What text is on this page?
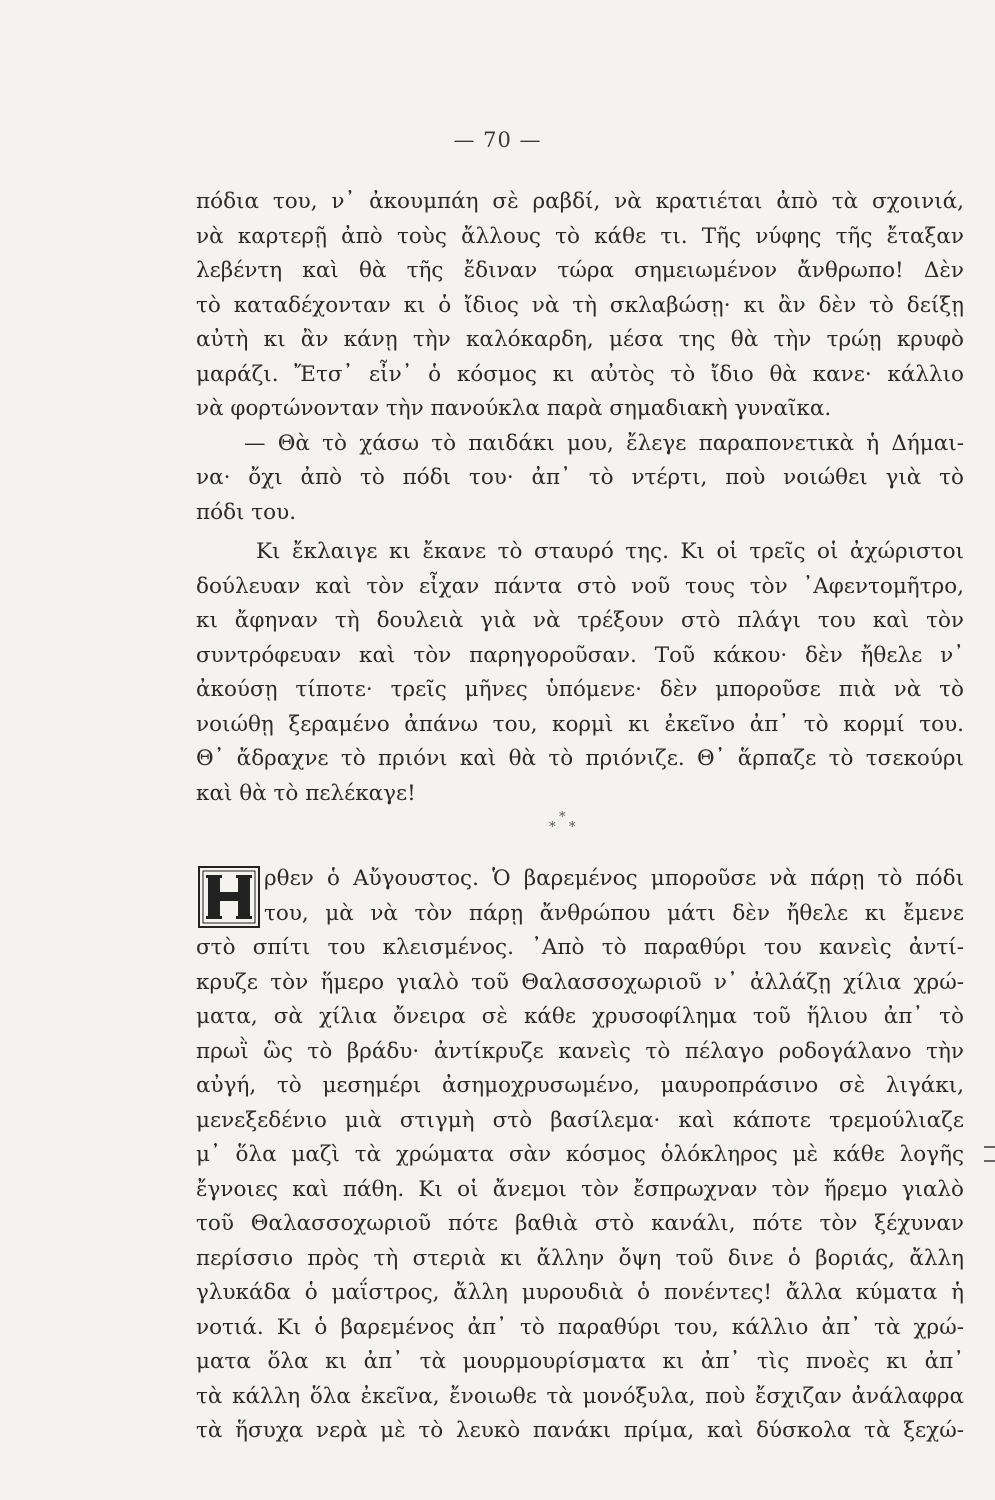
— 70 —
πόδια του, ν᾿ ἀκουμπάη σὲ ραβδί, νὰ κρατιέται ἀπὸ τὰ σχοινιά,
νὰ καρτερῇ ἀπὸ τοὺς ἄλλους τὸ κάθε τι. Τῆς νύφης τῆς ἔταξαν
λεβέντη καὶ θὰ τῆς ἔδιναν τώρα σημειωμένον ἄνθρωπο! Δὲν
τὸ καταδέχονταν κι ὁ ἴδιος νὰ τὴ σκλαβώσῃ· κι ἂν δὲν τὸ δείξῃ
αὐτὴ κι ἂν κάνῃ τὴν καλόκαρδη, μέσα της θὰ τὴν τρώῃ κρυφὸ
μαράζι. Ἔτσ᾿ εἶν᾿ ὁ κόσμος κι αὐτὸς τὸ ἴδιο θὰ κανε· κάλλιο
νὰ φορτώνονταν τὴν πανούκλα παρὰ σημαδιακὴ γυναῖκα.
— Θὰ τὸ χάσω τὸ παιδάκι μου, ἔλεγε παραπονετικὰ ἡ Δήμαι-
να· ὄχι ἀπὸ τὸ πόδι του· ἀπ᾿ τὸ ντέρτι, ποὺ νοιώθει γιὰ τὸ
πόδι του.
Κι ἔκλαιγε κι ἔκανε τὸ σταυρό της. Κι οἱ τρεῖς οἱ ἀχώριστοι
δούλευαν καὶ τὸν εἶχαν πάντα στὸ νοῦ τους τὸν ᾿Αφεντομῆτρο,
κι ἄφηναν τὴ δουλειὰ γιὰ νὰ τρέξουν στὸ πλάγι του καὶ τὸν
συντρόφευαν καὶ τὸν παρηγοροῦσαν. Τοῦ κάκου· δὲν ἤθελε ν᾿
ἀκούσῃ τίποτε· τρεῖς μῆνες ὑπόμενε· δὲν μποροῦσε πιὰ νὰ τὸ
νοιώθῃ ξεραμένο ἀπάνω του, κορμὶ κι ἐκεῖνο ἀπ᾿ τὸ κορμί του.
Θ᾿ ἄδραχνε τὸ πριόνι καὶ θὰ τὸ πριόνιζε. Θ᾿ ἅρπαζε τὸ τσεκούρι
καὶ θὰ τὸ πελέκαγε!
*
* *
ρθεν ὁ Αὔγουστος. Ὁ βαρεμένος μποροῦσε νὰ πάρῃ τὸ πόδι
του, μὰ νὰ τὸν πάρῃ ἄνθρώπου μάτι δὲν ἤθελε κι ἔμενε
στὸ σπίτι του κλεισμένος. ᾿Απὸ τὸ παραθύρι του κανεὶς ἀντί-
κρυζε τὸν ἥμερο γιαλὸ τοῦ Θαλασσοχωριοῦ ν᾿ ἀλλάζῃ χίλια χρώ-
ματα, σὰ χίλια ὄνειρα σὲ κάθε χρυσοφίλημα τοῦ ἥλιου ἀπ᾿ τὸ
πρωῒ ὣς τὸ βράδυ· ἀντίκρυζε κανεὶς τὸ πέλαγο ροδογάλανο τὴν
αὐγή, τὸ μεσημέρι ἀσημοχρυσωμένο, μαυροπράσινο σὲ λιγάκι,
μενεξεδένιο μιὰ στιγμὴ στὸ βασίλεμα· καὶ κάποτε τρεμούλιαζε
μ᾿ ὅλα μαζὶ τὰ χρώματα σὰν κόσμος ὁλόκληρος μὲ κάθε λογῆς
ἔγνοιες καὶ πάθη. Κι οἱ ἄνεμοι τὸν ἔσπρωχναν τὸν ἥρεμο γιαλὸ
τοῦ Θαλασσοχωριοῦ πότε βαθιὰ στὸ κανάλι, πότε τὸν ξέχυναν
περίσσιο πρὸς τὴ στεριὰ κι ἄλλην ὄψη τοῦ δινε ὁ βοριάς, ἄλλη
γλυκάδα ὁ μαΐστρος, ἄλλη μυρουδιὰ ὁ πονέντες! ἄλλα κύματα ἡ
νοτιά. Κι ὁ βαρεμένος ἀπ᾿ τὸ παραθύρι του, κάλλιο ἀπ᾿ τὰ χρώ-
ματα ὅλα κι ἀπ᾿ τὰ μουρμουρίσματα κι ἀπ᾿ τὶς πνοὲς κι ἀπ᾿
τὰ κάλλη ὅλα ἐκεῖνα, ἔνοιωθε τὰ μονόξυλα, ποὺ ἔσχιζαν ἀνάλαφρα
τὰ ἥσυχα νερὰ μὲ τὸ λευκὸ πανάκι πρίμα, καὶ δύσκολα τὰ ξεχώ-
